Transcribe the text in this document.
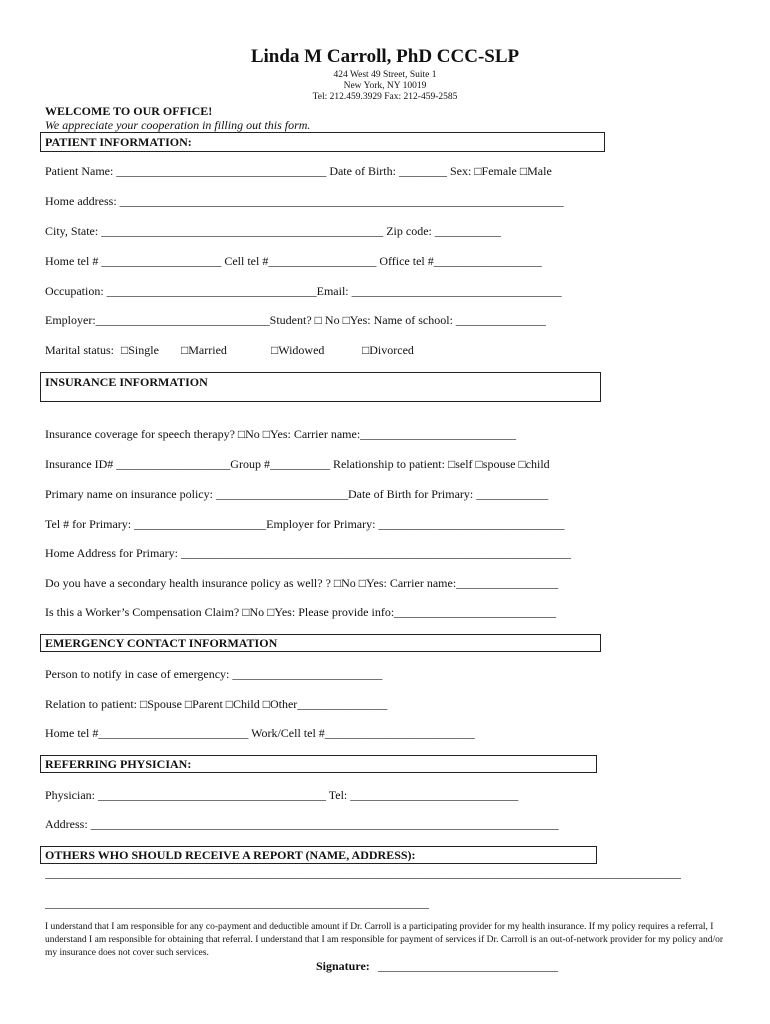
Linda M Carroll, PhD CCC-SLP
424 West 49 Street, Suite 1
New York, NY 10019
Tel: 212.459.3929 Fax: 212-459-2585
WELCOME TO OUR OFFICE!
We appreciate your cooperation in filling out this form.
PATIENT INFORMATION:
Patient Name: ___________________________________ Date of Birth: ________ Sex: □Female □Male
Home address: __________________________________________________________________________
City, State: _______________________________________________ Zip code: ___________
Home tel # ____________________ Cell tel #__________________ Office tel #__________________
Occupation: ___________________________________Email: ___________________________________
Employer:_____________________________Student? □ No □Yes: Name of school: _______________
Marital status: □Single □Married	□Widowed	□Divorced
INSURANCE INFORMATION
Insurance coverage for speech therapy? □No □Yes: Carrier name:__________________________
Insurance ID# ___________________Group #__________ Relationship to patient: □self □spouse □child
Primary name on insurance policy: ______________________Date of Birth for Primary: ____________
Tel # for Primary: ______________________Employer for Primary: _______________________________
Home Address for Primary: _________________________________________________________________
Do you have a secondary health insurance policy as well? ? □No □Yes: Carrier name:_________________
Is this a Worker’s Compensation Claim? □No □Yes: Please provide info:___________________________
EMERGENCY CONTACT INFORMATION
Person to notify in case of emergency: _________________________
Relation to patient: □Spouse □Parent □Child □Other_______________
Home tel #_________________________ Work/Cell tel #_________________________
REFERRING PHYSICIAN:
Physician: ______________________________________ Tel: ____________________________
Address: ______________________________________________________________________________
OTHERS WHO SHOULD RECEIVE A REPORT (NAME, ADDRESS):
__________________________________________________________________________________________________________
________________________________________________________________
I understand that I am responsible for any co-payment and deductible amount if Dr. Carroll is a participating provider for my health insurance. If my policy requires a referral, I understand I am responsible for obtaining that referral. I understand that I am responsible for payment of services if Dr. Carroll is an out-of-network provider for my policy and/or my insurance does not cover such services.
Signature: ______________________________
